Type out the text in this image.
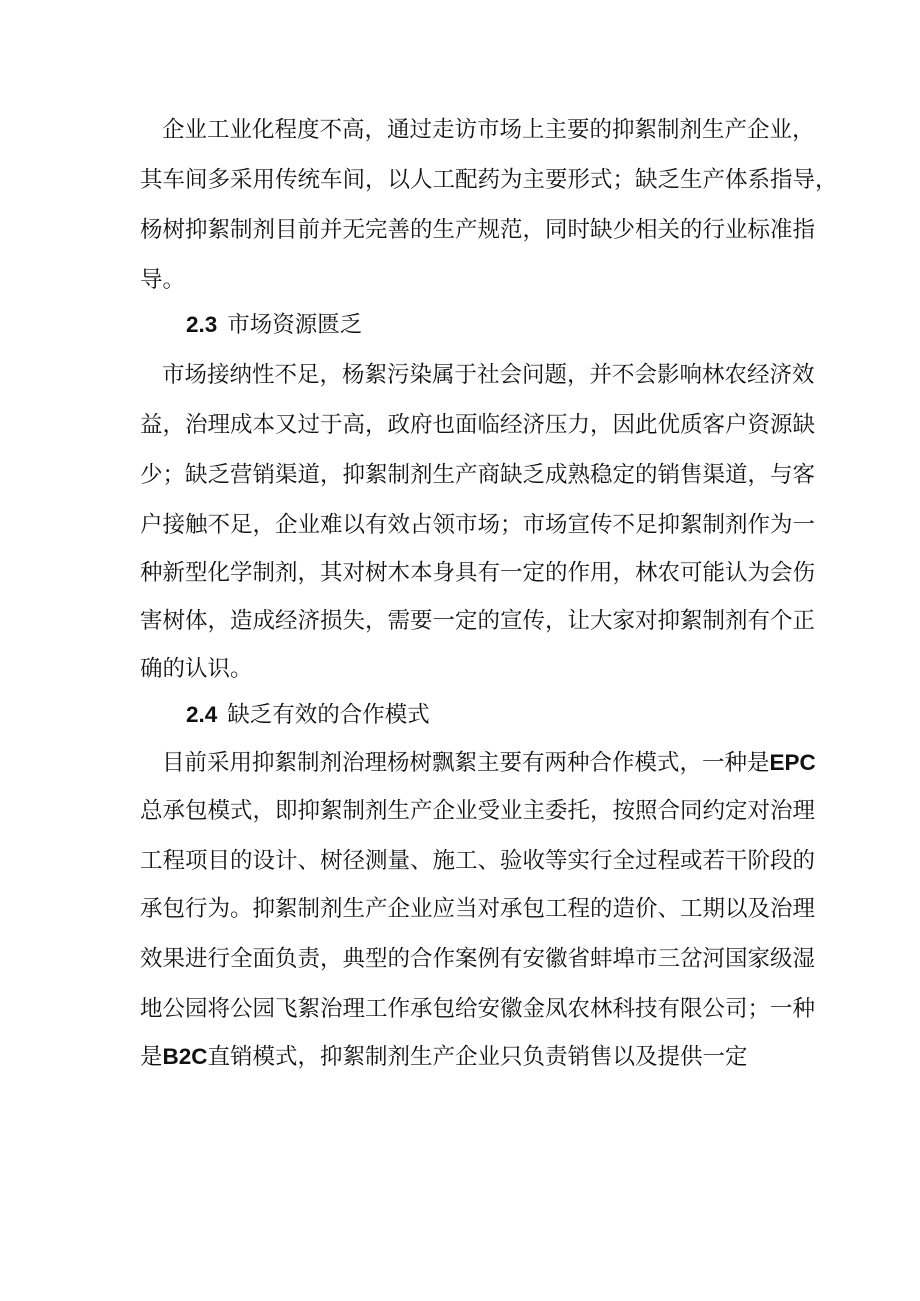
企业工业化程度不高，通过走访市场上主要的抑絮制剂生产企业，
其车间多采用传统车间，以人工配药为主要形式；缺乏生产体系指导，
杨树抑絮制剂目前并无完善的生产规范，同时缺少相关的行业标准指
导。
2.3 市场资源匮乏
市场接纳性不足，杨絮污染属于社会问题，并不会影响林农经济效
益，治理成本又过于高，政府也面临经济压力，因此优质客户资源缺
少；缺乏营销渠道，抑絮制剂生产商缺乏成熟稳定的销售渠道，与客
户接触不足，企业难以有效占领市场；市场宣传不足抑絮制剂作为一
种新型化学制剂，其对树木本身具有一定的作用，林农可能认为会伤
害树体，造成经济损失，需要一定的宣传，让大家对抑絮制剂有个正
确的认识。
2.4 缺乏有效的合作模式
目前采用抑絮制剂治理杨树飘絮主要有两种合作模式，一种是EPC
总承包模式，即抑絮制剂生产企业受业主委托，按照合同约定对治理
工程项目的设计、树径测量、施工、验收等实行全过程或若干阶段的
承包行为。抑絮制剂生产企业应当对承包工程的造价、工期以及治理
效果进行全面负责，典型的合作案例有安徽省蚌埠市三岔河国家级湿
地公园将公园飞絮治理工作承包给安徽金凤农林科技有限公司；一种
是B2C直销模式，抑絮制剂生产企业只负责销售以及提供一定
